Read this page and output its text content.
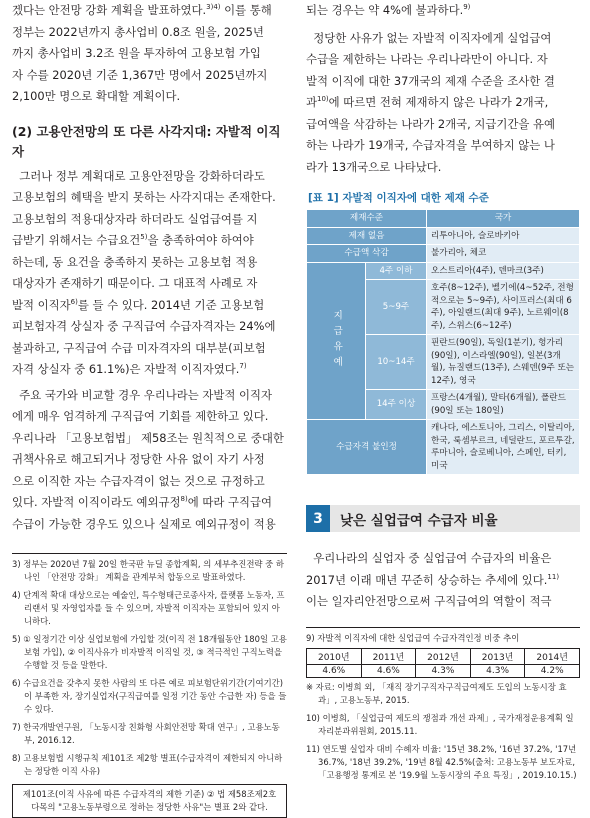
겠다는 안전망 강화 계획을 발표하였다.$^{3)4)}$ 이를 통해
정부는 2022년까지 총사업비 0.8조 원을, 2025년
까지 총사업비 3.2조 원을 투자하여 고용보험 가입
자 수를 2020년 기준 1,367만 명에서 2025년까지
2,100만 명으로 확대할 계획이다.

(2) 고용안전망의 또 다른 사각지대: 자발적 이직자

그러나 정부 계획대로 고용안전망을 강화하더라도
고용보험의 혜택을 받지 못하는 사각지대는 존재한다.
고용보험의 적용대상자라 하더라도 실업급여를 지
급받기 위해서는 수급요건$^{5)}$을 충족하여야 하여야
하는데, 동 요건을 충족하지 못하는 고용보험 적용
대상자가 존재하기 때문이다. 그 대표적 사례로 자
발적 이직자$^{6)}$를 들 수 있다. 2014년 기준 고용보험
피보험자격 상실자 중 구직급여 수급자격자는 24%에
불과하고, 구직급여 수급 미자격자의 대부분(피보험
자격 상실자 중 61.1%)은 자발적 이직자였다.$^{7)}$

주요 국가와 비교할 경우 우리나라는 자발적 이직자
에게 매우 엄격하게 구직급여 기회를 제한하고 있다.
우리나라 「고용보험법」 제58조는 원칙적으로 중대한
귀책사유로 해고되거나 정당한 사유 없이 자기 사정
으로 이직한 자는 수급자격이 없는 것으로 규정하고
있다. 자발적 이직이라도 예외규정$^{8)}$에 따라 구직급여
수급이 가능한 경우도 있으나 실제로 예외규정이 적용

3) 정부는 2020년 7월 20일 한국판 뉴딜 종합계획, 의 세부추진전략 중 하나인 「안전망 강화」 계획을 관계부처 합동으로 발표하였다.

4) 단계적 확대 대상으로는 예술인, 특수형태근로종사자, 플랫폼 노동자, 프리랜서 및 자영업자를 들 수 있으며, 자발적 이직자는 포함되어 있지 아니하다.

5) ① 일정기간 이상 실업보험에 가입할 것(이직 전 18개월동안 180일 고용보험 가입), ② 이직사유가 비자발적 이직일 것, ③ 적극적인 구직노력을 수행할 것 등을 말한다.

6) 수급요건을 갖추지 못한 사람의 또 다른 예로 피보험단위기간(기여기간)이 부족한 자, 장기실업자(구직급여를 일정 기간 동안 수급한 자) 등을 들 수 있다.

7) 한국개발연구원, 「노동시장 친화형 사회안전망 확대 연구」, 고용노동부, 2016.12.

8) 고용보험법 시행규칙 제101조 제2항 별표(수급자격이 제한되지 아니하는 정당한 이직 사유)

제101조(이직 사유에 따른 수급자격의 제한 기준) ② 법 제58조제2호다목의 "고용노동부령으로 정하는 정당한 사유"는 별표 2와 같다.

되는 경우는 약 4%에 불과하다.$^{9)}$

정당한 사유가 없는 자발적 이직자에게 실업급여
수급을 제한하는 나라는 우리나라만이 아니다. 자
발적 이직에 대한 37개국의 제재 수준을 조사한 결
과$^{10)}$에 따르면 전혀 제재하지 않은 나라가 2개국,
급여액을 삭감하는 나라가 2개국, 지급기간을 유예
하는 나라가 19개국, 수급자격을 부여하지 않는 나
라가 13개국으로 나타났다.

[표 1] 자발적 이직자에 대한 제재 수준
제재수준		국가
제재 없음		리투아니아, 슬로바키아
수급액 삭감		불가리아, 체코
지급유예	4주 이하	오스트리아(4주), 덴마크(3주)
	5~9주	호주(8~12주), 벨기에(4~52주, 전형적으로는 5~9주), 사이프러스(최대 6주), 아일랜드(최대 9주), 노르웨이(8주), 스위스(6~12주)
	10~14주	핀란드(90일), 독일(1분기), 헝가리(90일), 이스라엘(90일), 일본(3개월), 뉴질랜드(13주), 스웨덴(9주 또는 12주), 영국
	14주 이상	프랑스(4개월), 말타(6개월), 폴란드(90일 또는 180일)
수급자격 불인정		캐나다, 에스토니아, 그리스, 이탈리아, 한국, 룩셈부르크, 네덜란드, 포르투갈, 루마니아, 슬로베니아, 스페인, 터키, 미국
3	낮은 실업급여 수급자 비율

우리나라의 실업자 중 실업급여 수급자의 비율은
2017년 이래 매년 꾸준히 상승하는 추세에 있다.$^{11)}$
이는 일자리안전망으로써 구직급여의 역할이 적극

9) 자발적 이직자에 대한 실업급여 수급자격인정 비중 추이

2010년	2011년	2012년	2013년	2014년
4.6%	4.6%	4.3%	4.3%	4.2%

※ 자료: 이병희 외, 「재직 장기구직자구직급여제도 도입의 노동시장 효과」, 고용노동부, 2015.

10) 이병희, 「실업급여 제도의 쟁점과 개선 과제」, 국가재정운용계획 일자리분과위원회, 2015.11.

11) 연도별 실업자 대비 수혜자 비율: '15년 38.2%, '16년 37.2%, '17년 36.7%, '18년 39.2%, '19년 8월 42.5%(출처: 고용노동부 보도자료, 「고용행정 통계로 본 '19.9월 노동시장의 주요 특징」, 2019.10.15.)
